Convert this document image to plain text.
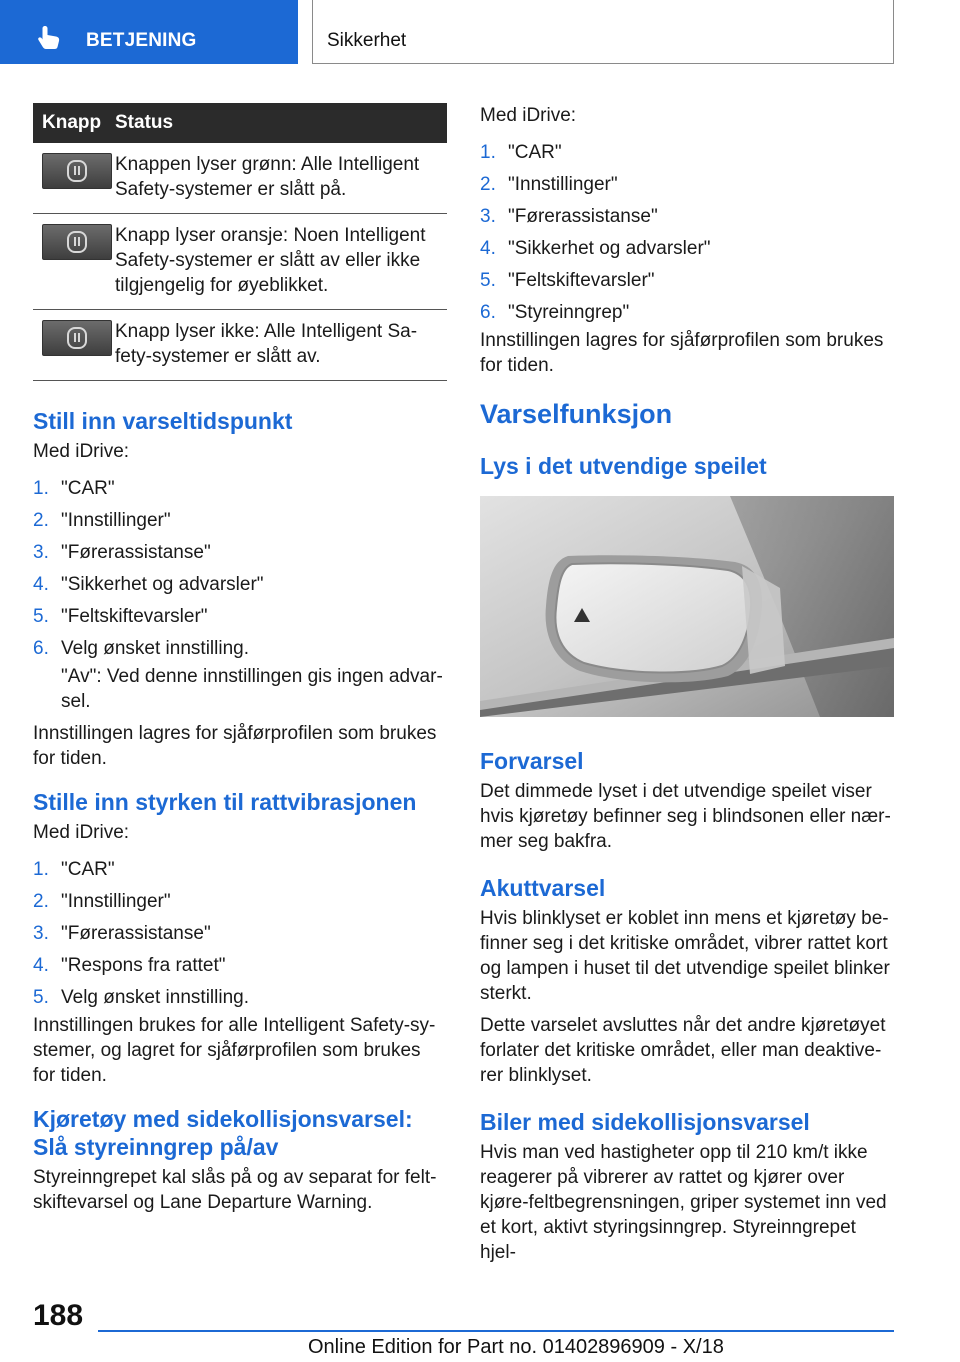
BETJENING	Sikkerhet
Knapp	Status

	Knappen lyser grønn: Alle Intelligent Safety-systemer er slått på.

	Knapp lyser oransje: Noen Intelligent Safety-systemer er slått av eller ikke tilgjengelig for øyeblikket.

	Knapp lyser ikke: Alle Intelligent Sa-fety-systemer er slått av.
Still inn varseltidspunkt

Med iDrive:

1. "CAR"
2. "Innstillinger"
3. "Førerassistanse"
4. "Sikkerhet og advarsler"
5. "Feltskiftevarsler"
6. Velg ønsket innstilling.

"Av": Ved denne innstillingen gis ingen advar-sel.

Innstillingen lagres for sjåførprofilen som brukes for tiden.

Stille inn styrken til rattvibrasjonen

Med iDrive:

1. "CAR"
2. "Innstillinger"
3. "Førerassistanse"
4. "Respons fra rattet"
5. Velg ønsket innstilling.

Innstillingen brukes for alle Intelligent Safety-sy-stemer, og lagret for sjåførprofilen som brukes for tiden.

Kjøretøy med sidekollisjonsvarsel:
Slå styreinngrep på/av

Styreinngrepet kal slås på og av separat for felt-skiftevarsel og Lane Departure Warning.

Med iDrive:

1. "CAR"
2. "Innstillinger"
3. "Førerassistanse"
4. "Sikkerhet og advarsler"
5. "Feltskiftevarsler"
6. "Styreinngrep"

Innstillingen lagres for sjåførprofilen som brukes for tiden.

Varselfunksjon
Lys i det utvendige speilet
Forvarsel

Det dimmede lyset i det utvendige speilet viser hvis kjøretøy befinner seg i blindsonen eller nær-mer seg bakfra.

Akuttvarsel

Hvis blinklyset er koblet inn mens et kjøretøy be-finner seg i det kritiske området, vibrer rattet kort og lampen i huset til det utvendige speilet blinker sterkt.

Dette varselet avsluttes når det andre kjøretøyet forlater det kritiske området, eller man deaktive-rer blinklyset.

Biler med sidekollisjonsvarsel

Hvis man ved hastigheter opp til 210 km/t ikke reagerer på vibrerer av rattet og kjører over kjøre-feltbegrensningen, griper systemet inn ved et kort, aktivt styringsinngrep. Styreinngrepet hjel-

188
Online Edition for Part no. 01402896909 - X/18
